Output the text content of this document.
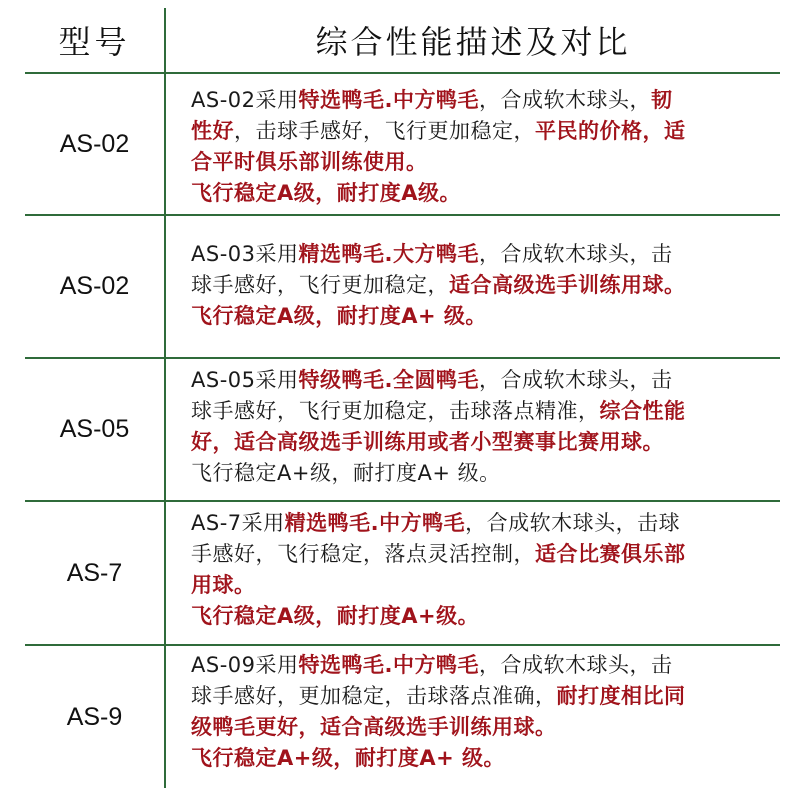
型号	综合性能描述及对比
AS-02
AS-02采用特选鸭毛.中方鸭毛，合成软木球头，韧
性好，击球手感好，飞行更加稳定，平民的价格，适
合平时俱乐部训练使用。
飞行稳定A级，耐打度A级。
AS-02
AS-03采用精选鸭毛.大方鸭毛，合成软木球头，击
球手感好，飞行更加稳定，适合高级选手训练用球。
飞行稳定A级，耐打度A+ 级。
AS-05
AS-05采用特级鸭毛.全圆鸭毛，合成软木球头，击
球手感好，飞行更加稳定，击球落点精准，综合性能
好，适合高级选手训练用或者小型赛事比赛用球。
飞行稳定A+级，耐打度A+ 级。
AS-7
AS-7采用精选鸭毛.中方鸭毛，合成软木球头，击球
手感好，飞行稳定，落点灵活控制，适合比赛俱乐部
用球。
飞行稳定A级，耐打度A+级。
AS-9
AS-09采用特选鸭毛.中方鸭毛，合成软木球头，击
球手感好，更加稳定，击球落点准确，耐打度相比同
级鸭毛更好，适合高级选手训练用球。
飞行稳定A+级，耐打度A+ 级。
